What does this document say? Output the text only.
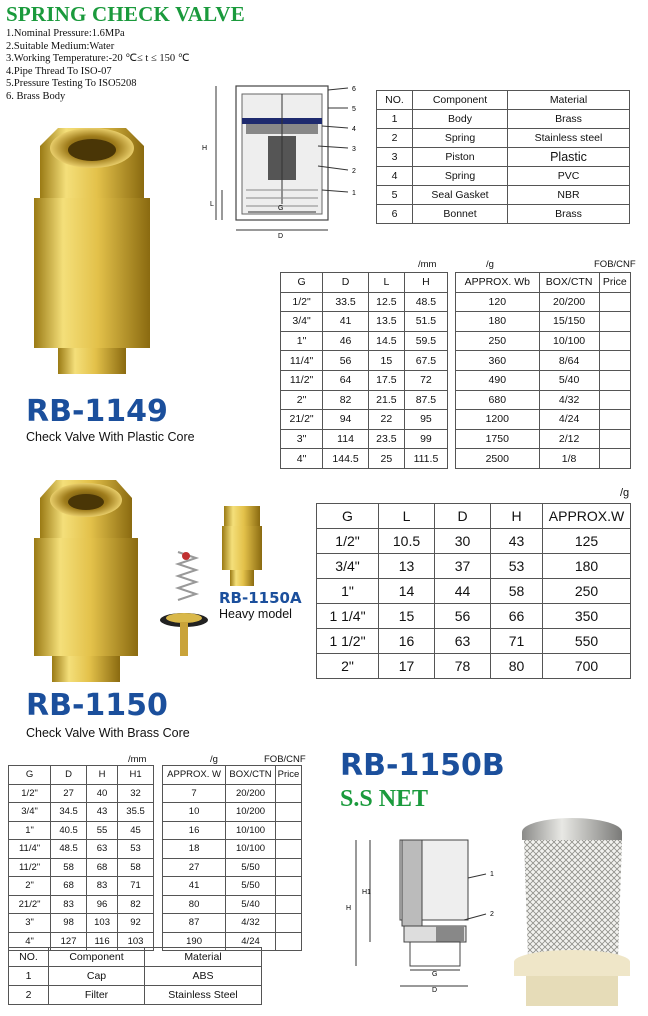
SPRING CHECK VALVE
1.Nominal Pressure:1.6MPa
2.Suitable Medium:Water
3.Working Temperature:-20 ℃≤ t ≤ 150 ℃
4.Pipe Thread To ISO-07
5.Pressure Testing To ISO5208
6. Brass Body
6
5
4
3
2
1
H
L
G
D
NO.	Component	Material
1	Body	Brass
2	Spring	Stainless steel
3	Piston	Plastic
4	Spring	PVC
5	Seal Gasket	NBR
6	Bonnet	Brass
/mm	/g	FOB/CNF
G	D	L	H
1/2"	33.5	12.5	48.5
3/4"	41	13.5	51.5
1"	46	14.5	59.5
11/4"	56	15	67.5
11/2"	64	17.5	72
2"	82	21.5	87.5
21/2"	94	22	95
3"	114	23.5	99
4"	144.5	25	111.5
APPROX. Wb	BOX/CTN	Price
120	20/200	
180	15/150	
250	10/100	
360	8/64	
490	5/40	
680	4/32	
1200	4/24	
1750	2/12	
2500	1/8	
RB-1149
Check Valve With Plastic Core
RB-1150A
Heavy model
/g
G	L	D	H	APPROX.W
1/2"	10.5	30	43	125
3/4"	13	37	53	180
1"	14	44	58	250
1 1/4"	15	56	66	350
1 1/2"	16	63	71	550
2"	17	78	80	700
RB-1150
Check Valve With Brass Core
/mm	/g	FOB/CNF
G	D	H	H1
1/2"	27	40	32
3/4"	34.5	43	35.5
1"	40.5	55	45
11/4"	48.5	63	53
11/2"	58	68	58
2"	68	83	71
21/2"	83	96	82
3"	98	103	92
4"	127	116	103
APPROX. W	BOX/CTN	Price
7	20/200	
10	10/200	
16	10/100	
18	10/100	
27	5/50	
41	5/50	
80	5/40	
87	4/32	
190	4/24	
NO.	Component	Material
1	Cap	ABS
2	Filter	Stainless Steel
RB-1150B
S.S NET
1
2
H1
H
G
D
